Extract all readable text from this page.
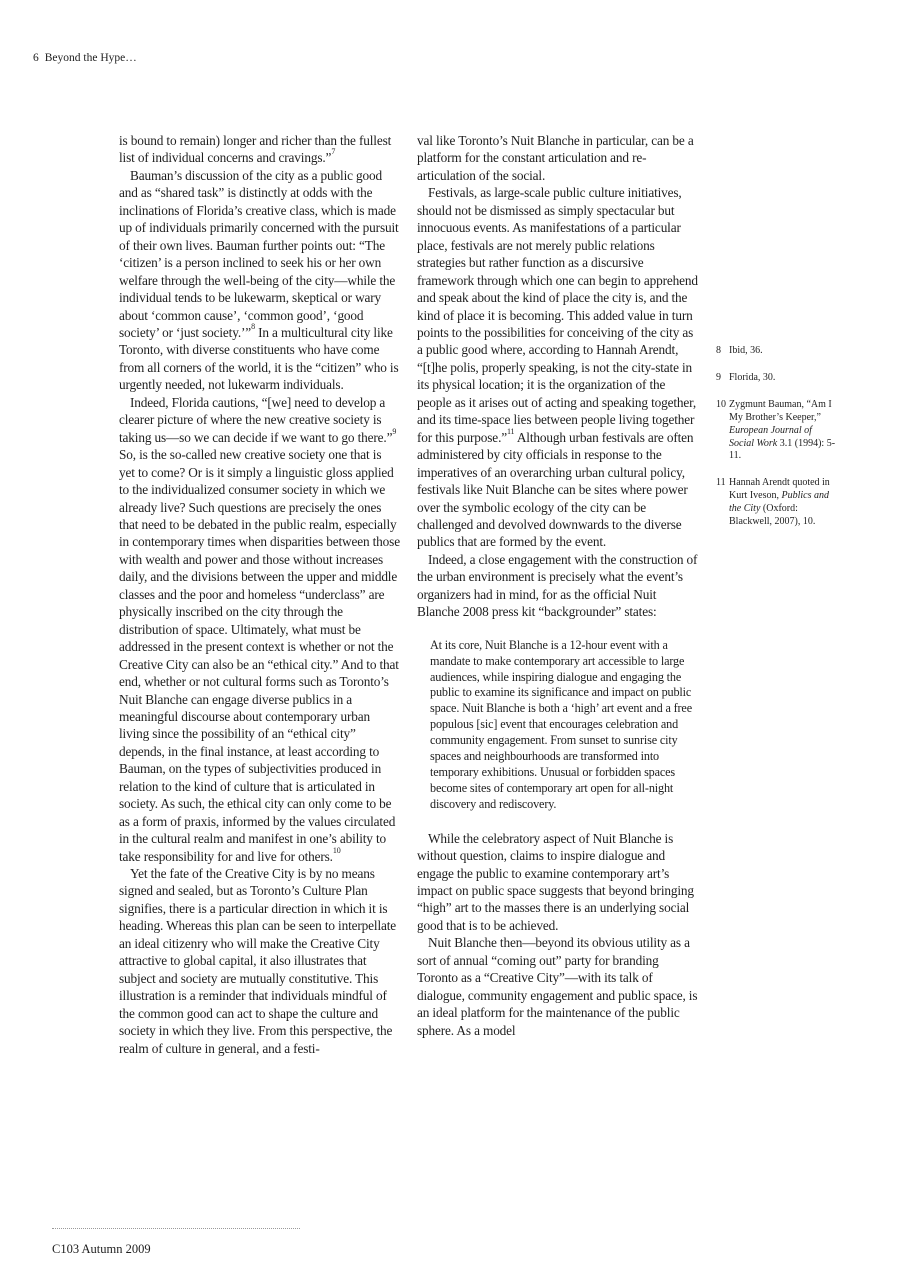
6 Beyond the Hype…

is bound to remain) longer and richer than the fullest list of individual concerns and cravings.”$^7$

Bauman’s discussion of the city as a public good and as “shared task” is distinctly at odds with the inclinations of Florida’s creative class, which is made up of individuals primarily concerned with the pursuit of their own lives. Bauman further points out: “The ‘citizen’ is a person inclined to seek his or her own welfare through the well-being of the city—while the individual tends to be lukewarm, skeptical or wary about ‘common cause’, ‘common good’, ‘good society’ or ‘just society.’”$^8$ In a multicultural city like Toronto, with diverse constituents who have come from all corners of the world, it is the “citizen” who is urgently needed, not lukewarm individuals.

Indeed, Florida cautions, “[we] need to develop a clearer picture of where the new creative society is taking us—so we can decide if we want to go there.”$^9$ So, is the so-called new creative society one that is yet to come? Or is it simply a linguistic gloss applied to the individualized consumer society in which we already live? Such questions are precisely the ones that need to be debated in the public realm, especially in contemporary times when disparities between those with wealth and power and those without increases daily, and the divisions between the upper and middle classes and the poor and homeless “underclass” are physically inscribed on the city through the distribution of space. Ultimately, what must be addressed in the present context is whether or not the Creative City can also be an “ethical city.” And to that end, whether or not cultural forms such as Toronto’s Nuit Blanche can engage diverse publics in a meaningful discourse about contemporary urban living since the possibility of an “ethical city” depends, in the final instance, at least according to Bauman, on the types of subjectivities produced in relation to the kind of culture that is articulated in society. As such, the ethical city can only come to be as a form of praxis, informed by the values circulated in the cultural realm and manifest in one’s ability to take responsibility for and live for others.$^{10}$

Yet the fate of the Creative City is by no means signed and sealed, but as Toronto’s Culture Plan signifies, there is a particular direction in which it is heading. Whereas this plan can be seen to interpellate an ideal citizenry who will make the Creative City attractive to global capital, it also illustrates that subject and society are mutually constitutive. This illustration is a reminder that individuals mindful of the common good can act to shape the culture and society in which they live. From this perspective, the realm of culture in general, and a festi-

val like Toronto’s Nuit Blanche in particular, can be a platform for the constant articulation and re-articulation of the social.

Festivals, as large-scale public culture initiatives, should not be dismissed as simply spectacular but innocuous events. As manifestations of a particular place, festivals are not merely public relations strategies but rather function as a discursive framework through which one can begin to apprehend and speak about the kind of place the city is, and the kind of place it is becoming. This added value in turn points to the possibilities for conceiving of the city as a public good where, according to Hannah Arendt, “[t]he polis, properly speaking, is not the city-state in its physical location; it is the organization of the people as it arises out of acting and speaking together, and its time-space lies between people living together for this purpose.”$^{11}$ Although urban festivals are often administered by city officials in response to the imperatives of an overarching urban cultural policy, festivals like Nuit Blanche can be sites where power over the symbolic ecology of the city can be challenged and devolved downwards to the diverse publics that are formed by the event.

Indeed, a close engagement with the construction of the urban environment is precisely what the event’s organizers had in mind, for as the official Nuit Blanche 2008 press kit “backgrounder” states:

At its core, Nuit Blanche is a 12-hour event with a mandate to make contemporary art accessible to large audiences, while inspiring dialogue and engaging the public to examine its significance and impact on public space. Nuit Blanche is both a ‘high’ art event and a free populous [sic] event that encourages celebration and community engagement. From sunset to sunrise city spaces and neighbourhoods are transformed into temporary exhibitions. Unusual or forbidden spaces become sites of contemporary art open for all-night discovery and rediscovery.

While the celebratory aspect of Nuit Blanche is without question, claims to inspire dialogue and engage the public to examine contemporary art’s impact on public space suggests that beyond bringing “high” art to the masses there is an underlying social good that is to be achieved.

Nuit Blanche then—beyond its obvious utility as a sort of annual “coming out” party for branding Toronto as a “Creative City”—with its talk of dialogue, community engagement and public space, is an ideal platform for the maintenance of the public sphere. As a model

8 Ibid, 36.
9 Florida, 30.
10 Zygmunt Bauman, “Am I My Brother’s Keeper,” European Journal of Social Work 3.1 (1994): 5-11.
11 Hannah Arendt quoted in Kurt Iveson, Publics and the City (Oxford: Blackwell, 2007), 10.
C103 Autumn 2009
